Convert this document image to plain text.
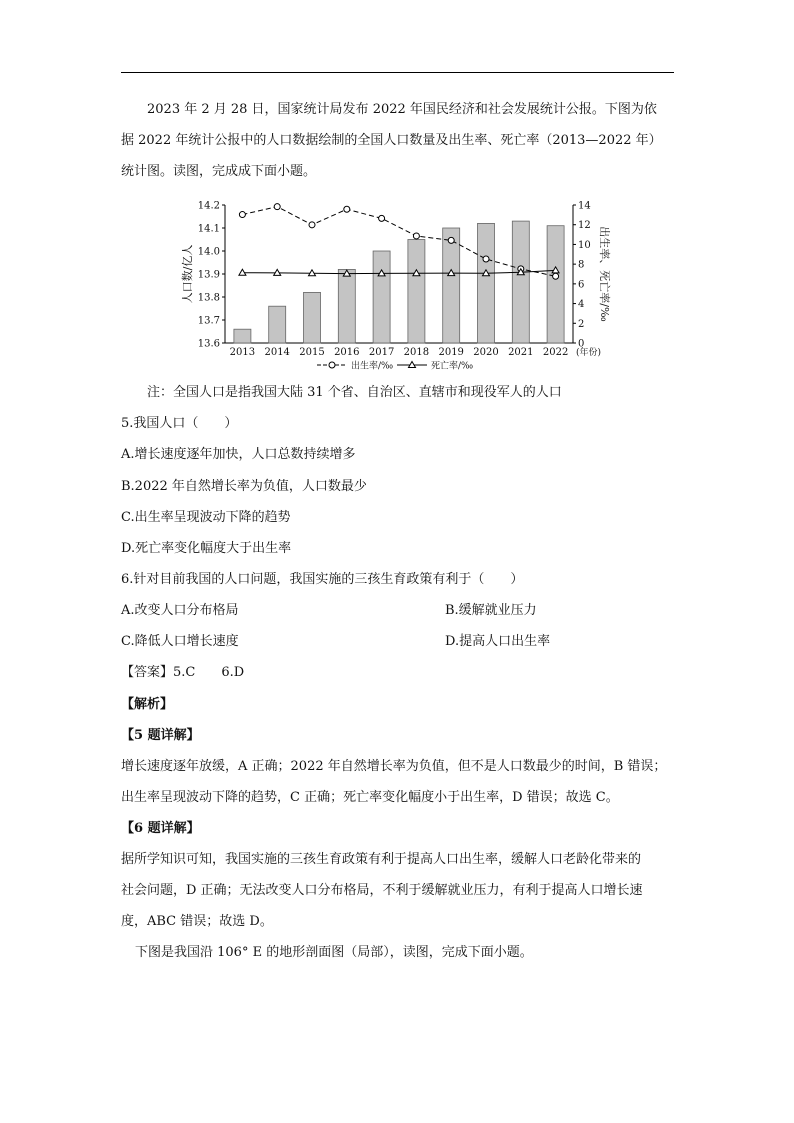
2023 年 2 月 28 日，国家统计局发布 2022 年国民经济和社会发展统计公报。下图为依
据 2022 年统计公报中的人口数据绘制的全国人口数量及出生率、死亡率（2013—2022 年）
统计图。读图，完成成下面小题。
13.6
13.7
13.8
13.9
14.0
14.1
14.2
0
2
4
6
8
10
12
14
2013 2014 2015 2016 2017 2018 2019 2020 2021 2022 (年份)
人口数/亿人	出生率、死亡率/‰
出生率/‰	死亡率/‰
注：全国人口是指我国大陆 31 个省、自治区、直辖市和现役军人的人口
5.我国人口（　　）
A.增长速度逐年加快，人口总数持续增多
B.2022 年自然增长率为负值，人口数最少
C.出生率呈现波动下降的趋势
D.死亡率变化幅度大于出生率
6.针对目前我国的人口问题，我国实施的三孩生育政策有利于（　　）
A.改变人口分布格局	B.缓解就业压力
C.降低人口增长速度	D.提高人口出生率
【答案】5.C　　6.D
【解析】
【5 题详解】
增长速度逐年放缓，A 正确；2022 年自然增长率为负值，但不是人口数最少的时间，B 错误；
出生率呈现波动下降的趋势，C 正确；死亡率变化幅度小于出生率，D 错误；故选 C。
【6 题详解】
据所学知识可知，我国实施的三孩生育政策有利于提高人口出生率，缓解人口老龄化带来的
社会问题，D 正确；无法改变人口分布格局，不利于缓解就业压力，有利于提高人口增长速
度，ABC 错误；故选 D。
下图是我国沿 106° E 的地形剖面图（局部），读图，完成下面小题。
